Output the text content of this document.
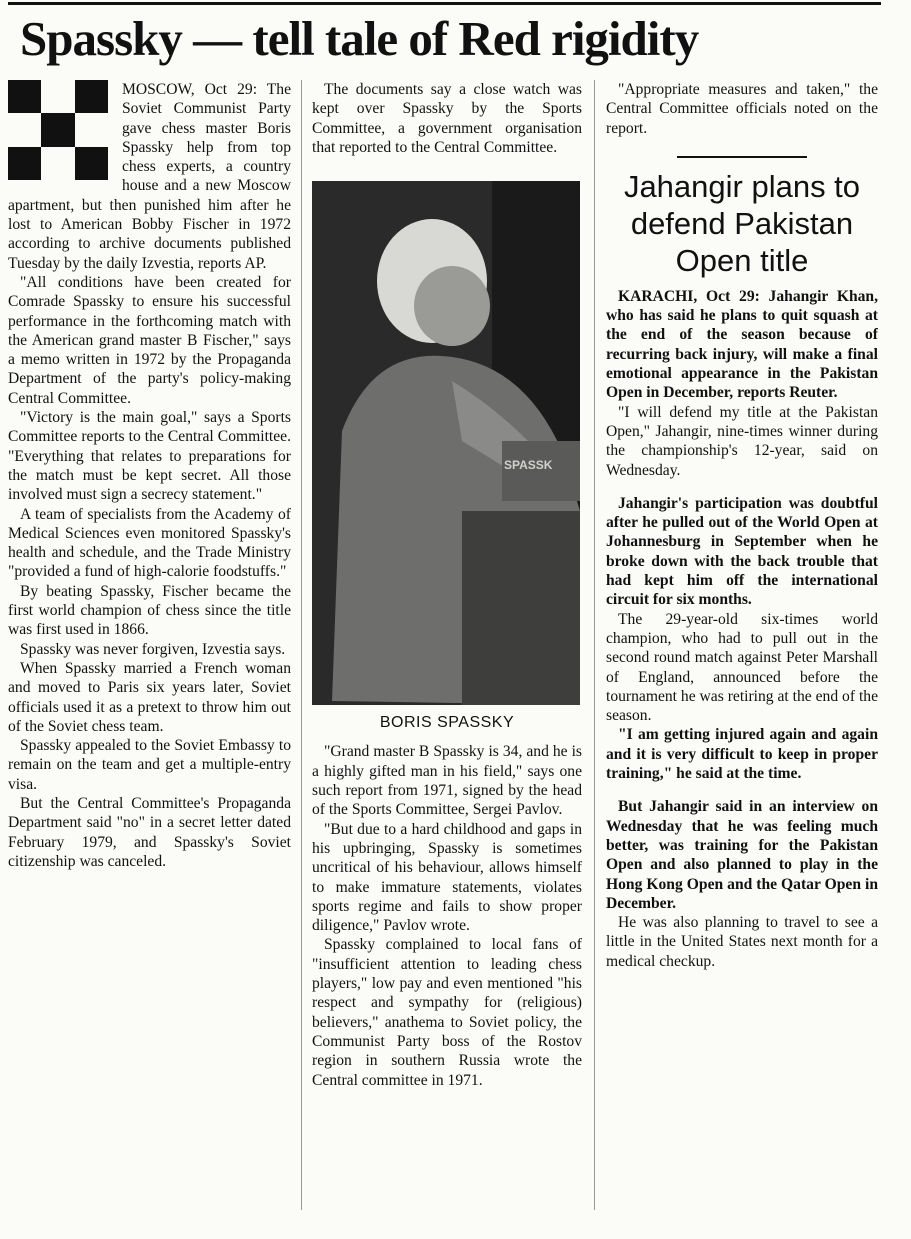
Spassky — tell tale of Red rigidity

MOSCOW, Oct 29: The Soviet Communist Party gave chess master Boris Spassky help from top chess experts, a country house and a new Moscow apartment, but then punished him after he lost to American Bobby Fischer in 1972 according to archive documents published Tuesday by the daily Izvestia, reports AP.

"All conditions have been created for Comrade Spassky to ensure his successful performance in the forthcoming match with the American grand master B Fischer," says a memo written in 1972 by the Propaganda Department of the party's policy-making Central Committee.

"Victory is the main goal," says a Sports Committee reports to the Central Committee. "Everything that relates to preparations for the match must be kept secret. All those involved must sign a secrecy statement."

A team of specialists from the Academy of Medical Sciences even monitored Spassky's health and schedule, and the Trade Ministry "provided a fund of high-calorie foodstuffs."

By beating Spassky, Fischer became the first world champion of chess since the title was first used in 1866.

Spassky was never forgiven, Izvestia says.

When Spassky married a French woman and moved to Paris six years later, Soviet officials used it as a pretext to throw him out of the Soviet chess team.

Spassky appealed to the Soviet Embassy to remain on the team and get a multiple-entry visa.

But the Central Committee's Propaganda Department said "no" in a secret letter dated February 1979, and Spassky's Soviet citizenship was canceled.

The documents say a close watch was kept over Spassky by the Sports Committee, a government organisation that reported to the Central Committee.

SPASSK
BORIS SPASSKY

"Grand master B Spassky is 34, and he is a highly gifted man in his field," says one such report from 1971, signed by the head of the Sports Committee, Sergei Pavlov.

"But due to a hard childhood and gaps in his upbringing, Spassky is sometimes uncritical of his behaviour, allows himself to make immature statements, violates sports regime and fails to show proper diligence," Pavlov wrote.

Spassky complained to local fans of "insufficient attention to leading chess players," low pay and even mentioned "his respect and sympathy for (religious) believers," anathema to Soviet policy, the Communist Party boss of the Rostov region in southern Russia wrote the Central committee in 1971.

"Appropriate measures and taken," the Central Committee officials noted on the report.

Jahangir plans to defend Pakistan Open title

KARACHI, Oct 29: Jahangir Khan, who has said he plans to quit squash at the end of the season because of recurring back injury, will make a final emotional appearance in the Pakistan Open in December, reports Reuter.

"I will defend my title at the Pakistan Open," Jahangir, nine-times winner during the championship's 12-year, said on Wednesday.

Jahangir's participation was doubtful after he pulled out of the World Open at Johannesburg in September when he broke down with the back trouble that had kept him off the international circuit for six months.

The 29-year-old six-times world champion, who had to pull out in the second round match against Peter Marshall of England, announced before the tournament he was retiring at the end of the season.

"I am getting injured again and again and it is very difficult to keep in proper training," he said at the time.

But Jahangir said in an interview on Wednesday that he was feeling much better, was training for the Pakistan Open and also planned to play in the Hong Kong Open and the Qatar Open in December.

He was also planning to travel to see a little in the United States next month for a medical checkup.
